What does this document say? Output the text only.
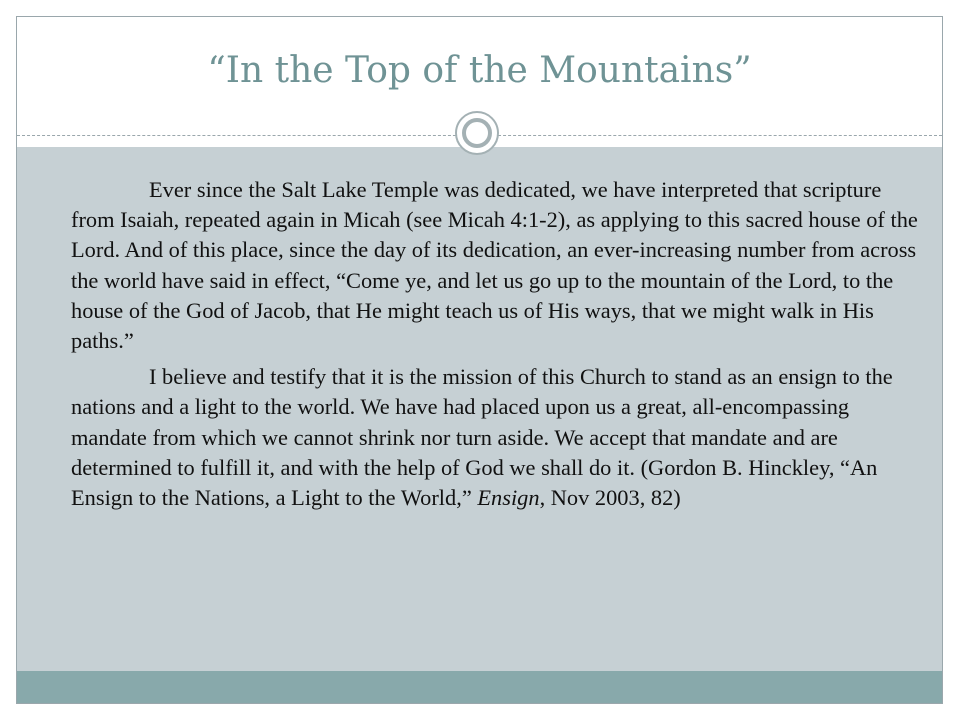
“In the Top of the Mountains”

Ever since the Salt Lake Temple was dedicated, we have interpreted that scripture from Isaiah, repeated again in Micah (see Micah 4:1-2), as applying to this sacred house of the Lord. And of this place, since the day of its dedication, an ever-increasing number from across the world have said in effect, “Come ye, and let us go up to the mountain of the Lord, to the house of the God of Jacob, that He might teach us of His ways, that we might walk in His paths.”

I believe and testify that it is the mission of this Church to stand as an ensign to the nations and a light to the world. We have had placed upon us a great, all-encompassing mandate from which we cannot shrink nor turn aside. We accept that mandate and are determined to fulfill it, and with the help of God we shall do it. (Gordon B. Hinckley, “An Ensign to the Nations, a Light to the World,” Ensign, Nov 2003, 82)
